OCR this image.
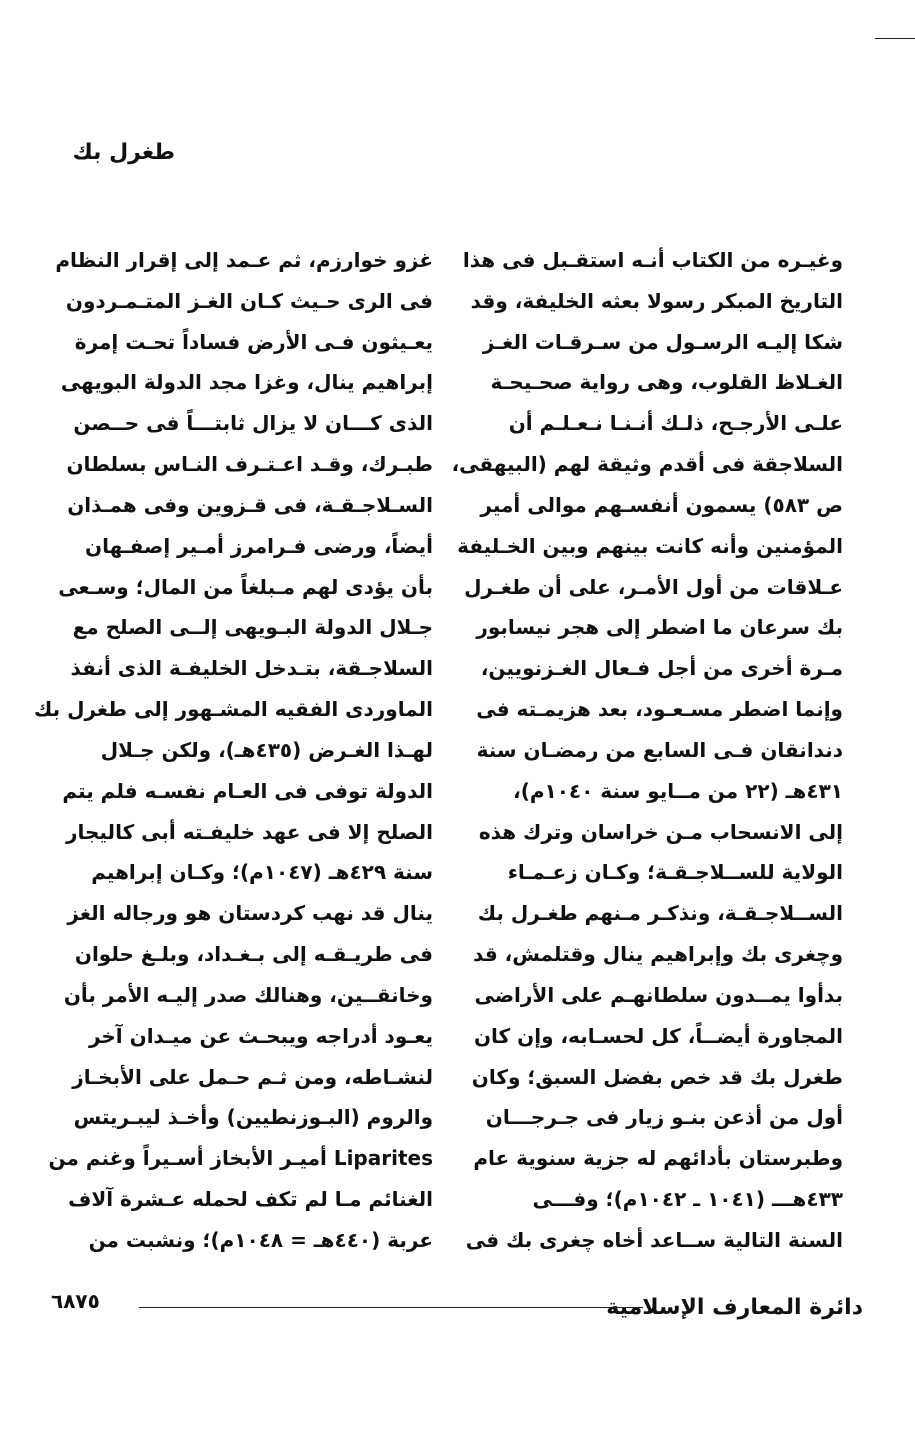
طغرل بك
وغيـره من الكتاب أنـه استقـبل فى هذا
التاريخ المبكر رسولا بعثه الخليفة، وقد
شكا إليـه الرسـول من سـرقـات الغـز
الغـلاظ القلوب، وهى رواية صحـيحـة
علـى الأرجـح، ذلـك أنـنـا نـعـلـم أن
السلاجقة فى أقدم وثيقة لهم (البيهقى،
ص ٥٨٣) يسمون أنفسـهم موالى أمير
المؤمنين وأنه كانت بينهم وبين الخـليفة
عـلاقات من أول الأمـر، على أن طغـرل
بك سرعان ما اضطر إلى هجر نيسابور
مـرة أخرى من أجل فـعال الغـزنويين،
وإنما اضطر مسـعـود، بعد هزيمـته فى
دندانقان فـى السابع من رمضـان سنة
٤٣١هـ (٢٢ من مــايو سنة ١٠٤٠م)،
إلى الانسحاب مـن خراسان وترك هذه
الولاية للســلاجـقـة؛ وكـان زعـمـاء
الســلاجـقـة، ونذكـر مـنهم طغـرل بك
وچغرى بك وإبراهيم ينال وقتلمش، قد
بدأوا يمــدون سلطانهـم على الأراضى
المجاورة أيضــاً، كل لحسـابه، وإن كان
طغرل بك قد خص بفضل السبق؛ وكان
أول من أذعن بنـو زيار فى جـرجـــان
وطبرستان بأدائهم له جزية سنوية عام
٤٣٣هـــ (١٠٤١ ـ ١٠٤٢م)؛ وفـــى
السنة التالية ســاعد أخاه چغرى بك فى
غزو خوارزم، ثم عـمد إلى إقرار النظام
فى الرى حـيث كـان الغـز المتـمـردون
يعـيثون فـى الأرض فساداً تحـت إمرة
إبراهيم ينال، وغزا مجد الدولة البويهى
الذى كـــان لا يزال ثابتـــاً فى حــصن
طبـرك، وقـد اعـتـرف النـاس بسلطان
السـلاجـقـة، فى قـزوين وفى همـذان
أيضاً، ورضى فـرامرز أمـير إصفـهان
بأن يؤدى لهم مـبلغاً من المال؛ وسـعى
جـلال الدولة البـويهى إلــى الصلح مع
السلاجـقة، بتـدخل الخليفـة الذى أنفذ
الماوردى الفقيه المشـهور إلى طغرل بك
لهـذا الغـرض (٤٣٥هـ)، ولكن جـلال
الدولة توفى فى العـام نفسـه فلم يتم
الصلح إلا فى عهد خليفـته أبى كاليجار
سنة ٤٢٩هـ (١٠٤٧م)؛ وكـان إبراهيم
ينال قد نهب كردستان هو ورجاله الغز
فى طريـقـه إلى بـغـداد، وبلـغ حلوان
وخانقــين، وهنالك صدر إليـه الأمر بأن
يعـود أدراجه ويبحـث عن ميـدان آخر
لنشـاطه، ومن ثـم حـمل على الأبخـاز
والروم (البـوزنطيين) وأخـذ ليبـريتس
Liparites أميـر الأبخاز أسـيراً وغنم من
الغنائم مـا لم تكف لحمله عـشرة آلاف
عربة (٤٤٠هـ = ١٠٤٨م)؛ ونشبت من
دائرة المعارف الإسلامية
٦٨٧٥
